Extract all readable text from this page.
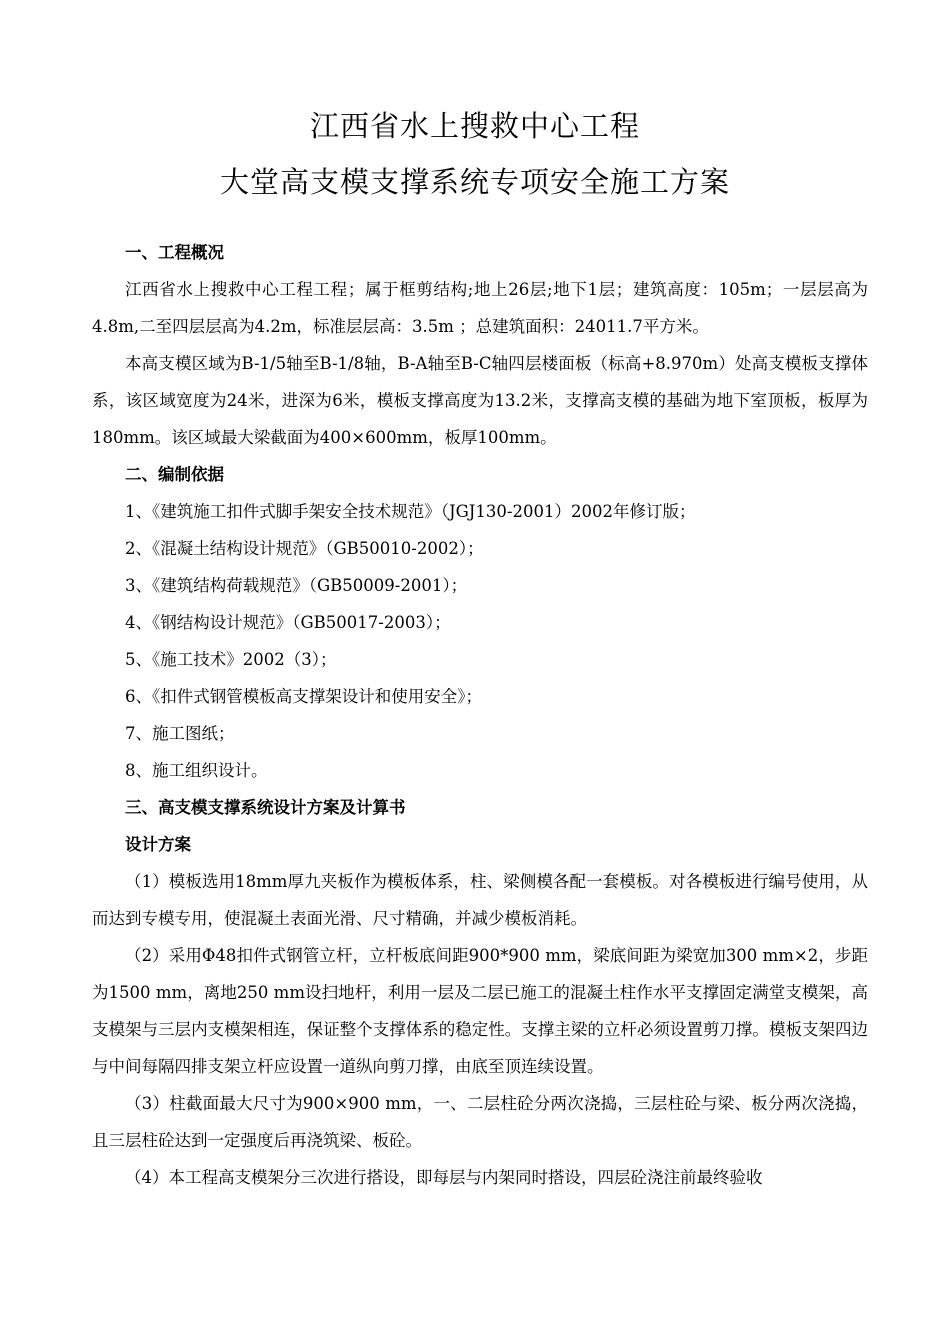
江西省水上搜救中心工程
大堂高支模支撑系统专项安全施工方案

一、工程概况

江西省水上搜救中心工程工程；属于框剪结构;地上26层;地下1层；建筑高度：105m；一层层高为4.8m,二至四层层高为4.2m，标准层层高：3.5m ；总建筑面积：24011.7平方米。

本高支模区域为B-1/5轴至B-1/8轴，B-A轴至B-C轴四层楼面板（标高+8.970m）处高支模板支撑体系，该区域宽度为24米，进深为6米，模板支撑高度为13.2米，支撑高支模的基础为地下室顶板，板厚为180mm。该区域最大梁截面为400×600mm，板厚100mm。

二、编制依据

1、《建筑施工扣件式脚手架安全技术规范》（JGJ130-2001）2002年修订版；

2、《混凝土结构设计规范》（GB50010-2002）；

3、《建筑结构荷载规范》（GB50009-2001）；

4、《钢结构设计规范》（GB50017-2003）；

5、《施工技术》2002（3）；

6、《扣件式钢管模板高支撑架设计和使用安全》；

7、施工图纸；

8、施工组织设计。

三、高支模支撑系统设计方案及计算书

设计方案

（1）模板选用18mm厚九夹板作为模板体系，柱、梁侧模各配一套模板。对各模板进行编号使用，从而达到专模专用，使混凝土表面光滑、尺寸精确，并减少模板消耗。

（2）采用Φ48扣件式钢管立杆，立杆板底间距900*900 mm，梁底间距为梁宽加300 mm×2，步距为1500 mm，离地250 mm设扫地杆，利用一层及二层已施工的混凝土柱作水平支撑固定满堂支模架，高支模架与三层内支模架相连，保证整个支撑体系的稳定性。支撑主梁的立杆必须设置剪刀撑。模板支架四边与中间每隔四排支架立杆应设置一道纵向剪刀撑，由底至顶连续设置。

（3）柱截面最大尺寸为900×900 mm，一、二层柱砼分两次浇捣，三层柱砼与梁、板分两次浇捣，且三层柱砼达到一定强度后再浇筑梁、板砼。

（4）本工程高支模架分三次进行搭设，即每层与内架同时搭设，四层砼浇注前最终验收
